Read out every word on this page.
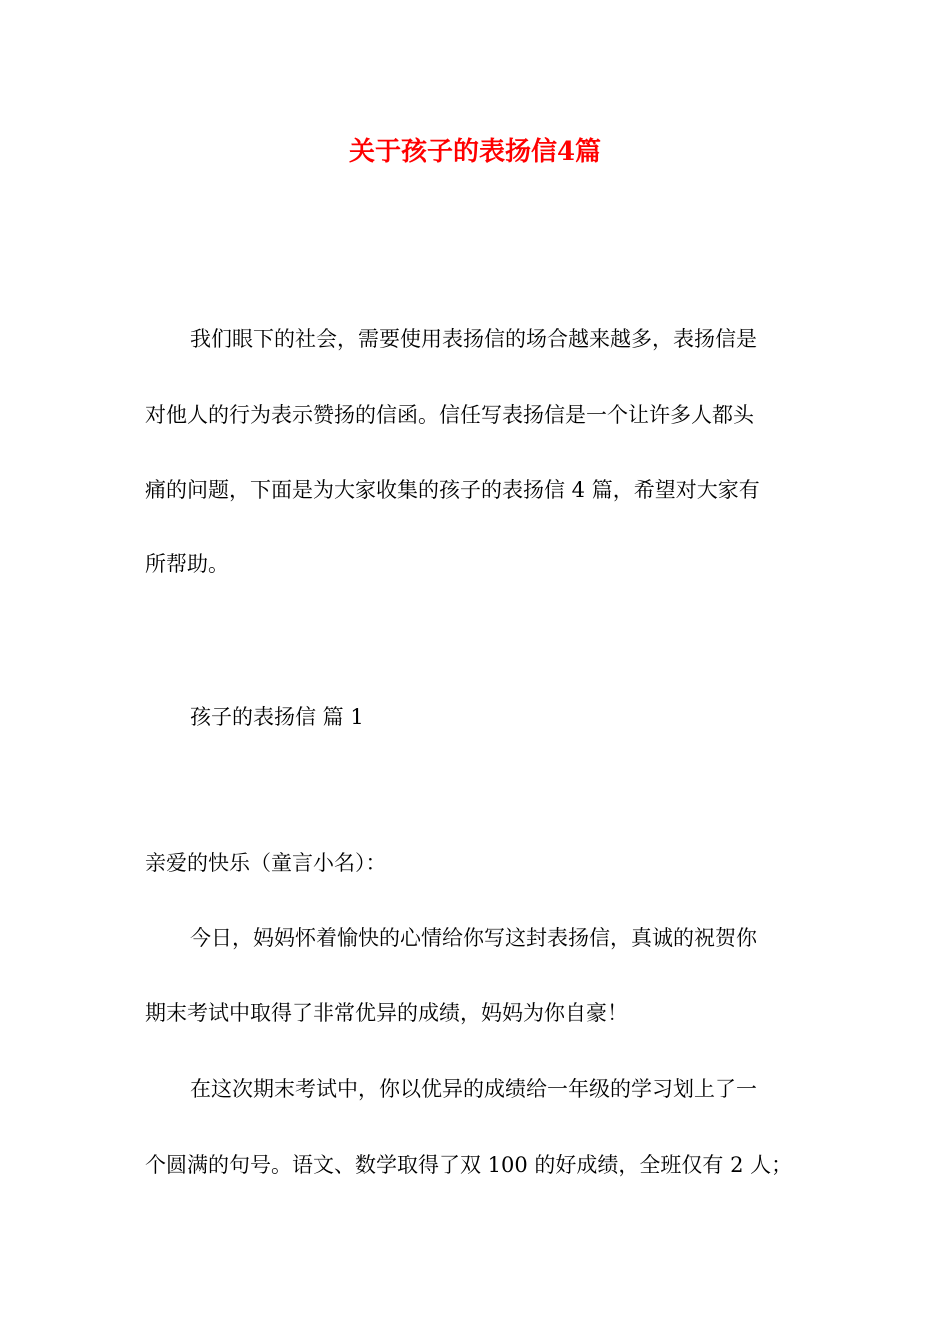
关于孩子的表扬信4篇
我们眼下的社会，需要使用表扬信的场合越来越多，表扬信是
对他人的行为表示赞扬的信函。信任写表扬信是一个让许多人都头
痛的问题，下面是为大家收集的孩子的表扬信 4 篇，希望对大家有
所帮助。
孩子的表扬信 篇 1
亲爱的快乐（童言小名）：
今日，妈妈怀着愉快的心情给你写这封表扬信，真诚的祝贺你
期末考试中取得了非常优异的成绩，妈妈为你自豪！
在这次期末考试中，你以优异的成绩给一年级的学习划上了一
个圆满的句号。语文、数学取得了双 100 的好成绩，全班仅有 2 人；
